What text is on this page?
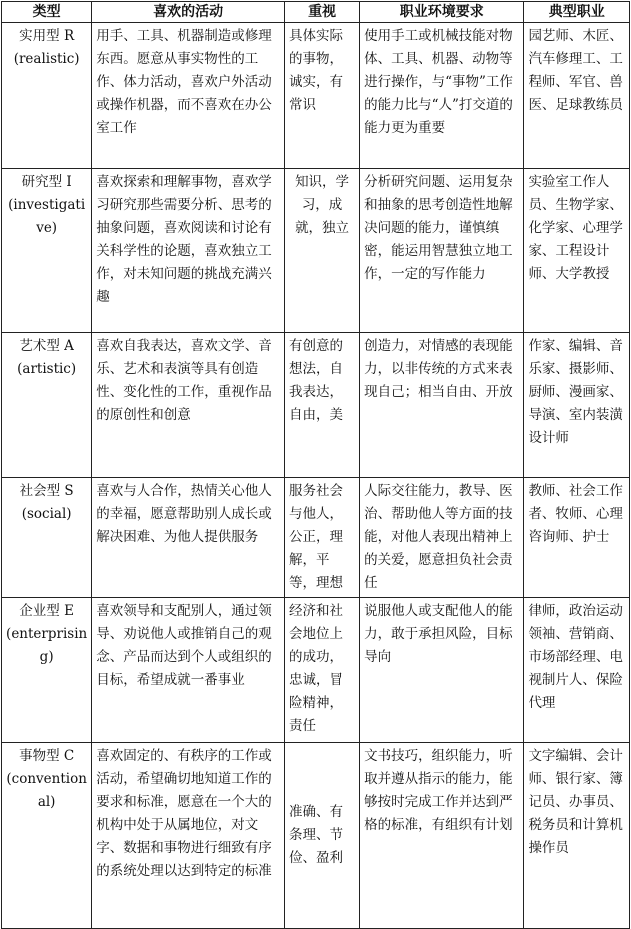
类型	喜欢的活动	重视	职业环境要求	典型职业

实用型 R
(realistic)	用手、工具、机器制造或修理东西。愿意从事实物性的工作、体力活动，喜欢户外活动或操作机器，而不喜欢在办公室工作	具体实际的事物，诚实，有常识	使用手工或机械技能对物体、工具、机器、动物等进行操作，与“事物”工作的能力比与“人”打交道的能力更为重要	园艺师、木匠、汽车修理工、工程师、军官、兽医、足球教练员

研究型 I
(investigative)	喜欢探索和理解事物，喜欢学习研究那些需要分析、思考的抽象问题，喜欢阅读和讨论有关科学性的论题，喜欢独立工作，对未知问题的挑战充满兴趣	知识，学习，成就，独立	分析研究问题、运用复杂和抽象的思考创造性地解决问题的能力，谨慎缜密，能运用智慧独立地工作，一定的写作能力	实验室工作人员、生物学家、化学家、心理学家、工程设计师、大学教授

艺术型 A
(artistic)	喜欢自我表达，喜欢文学、音乐、艺术和表演等具有创造性、变化性的工作，重视作品的原创性和创意	有创意的想法，自我表达，自由，美	创造力，对情感的表现能力，以非传统的方式来表现自己；相当自由、开放	作家、编辑、音乐家、摄影师、厨师、漫画家、导演、室内装潢设计师

社会型 S
(social)	喜欢与人合作，热情关心他人的幸福，愿意帮助别人成长或解决困难、为他人提供服务	服务社会与他人，公正，理解，平等，理想	人际交往能力，教导、医治、帮助他人等方面的技能，对他人表现出精神上的关爱，愿意担负社会责任	教师、社会工作者、牧师、心理咨询师、护士

企业型 E
(enterprising)	喜欢领导和支配别人，通过领导、劝说他人或推销自己的观念、产品而达到个人或组织的目标，希望成就一番事业	经济和社会地位上的成功，忠诚，冒险精神，责任	说服他人或支配他人的能力，敢于承担风险，目标导向	律师，政治运动领袖、营销商、市场部经理、电视制片人、保险代理

事物型 C
(conventional)	喜欢固定的、有秩序的工作或活动，希望确切地知道工作的要求和标准，愿意在一个大的机构中处于从属地位，对文字、数据和事物进行细致有序的系统处理以达到特定的标准	准确、有条理、节俭、盈利	文书技巧，组织能力，听取并遵从指示的能力，能够按时完成工作并达到严格的标准，有组织有计划	文字编辑、会计师、银行家、簿记员、办事员、税务员和计算机操作员
